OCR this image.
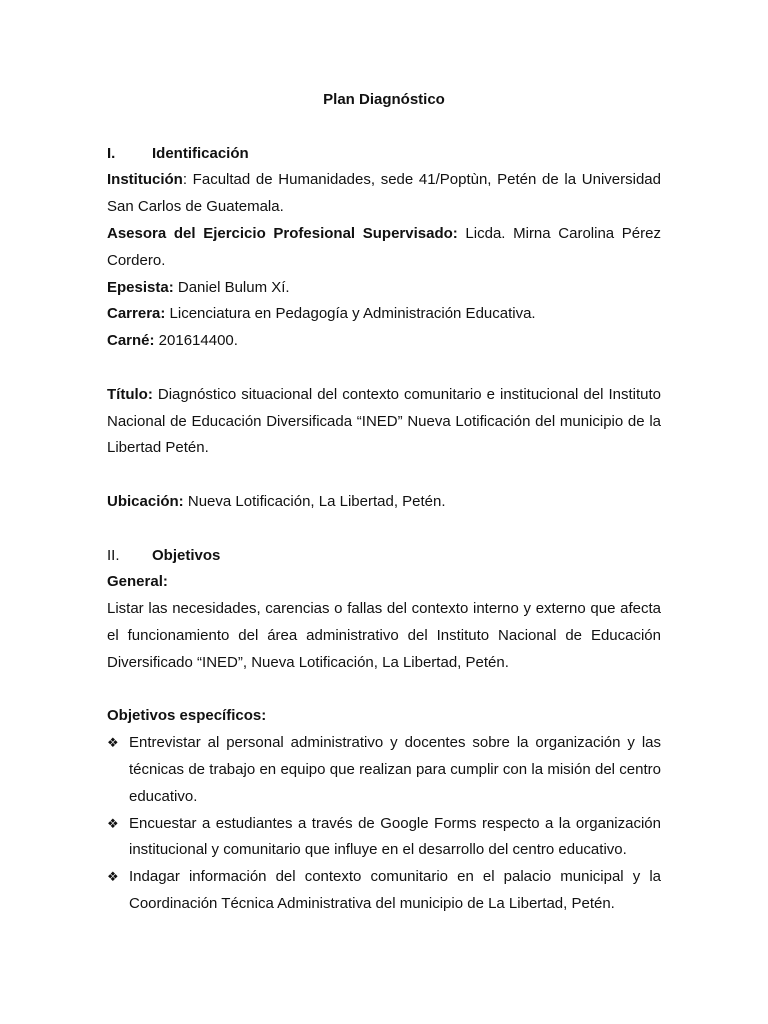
Plan Diagnóstico

I.	Identificación

Institución: Facultad de Humanidades, sede 41/Poptùn, Petén de la Universidad San Carlos de Guatemala.

Asesora del Ejercicio Profesional Supervisado: Licda. Mirna Carolina Pérez Cordero.

Epesista: Daniel Bulum Xí.

Carrera: Licenciatura en Pedagogía y Administración Educativa.

Carné: 201614400.

Título: Diagnóstico situacional del contexto comunitario e institucional del Instituto Nacional de Educación Diversificada “INED” Nueva Lotificación del municipio de la Libertad Petén.

Ubicación: Nueva Lotificación, La Libertad, Petén.

II.	Objetivos

General:

Listar las necesidades, carencias o fallas del contexto interno y externo que afecta el funcionamiento del área administrativo del Instituto Nacional de Educación Diversificado “INED”, Nueva Lotificación, La Libertad, Petén.

Objetivos específicos:

❖ Entrevistar al personal administrativo y docentes sobre la organización y las técnicas de trabajo en equipo que realizan para cumplir con la misión del centro educativo.
❖ Encuestar a estudiantes a través de Google Forms respecto a la organización institucional y comunitario que influye en el desarrollo del centro educativo.
❖ Indagar información del contexto comunitario en el palacio municipal y la Coordinación Técnica Administrativa del municipio de La Libertad, Petén.
